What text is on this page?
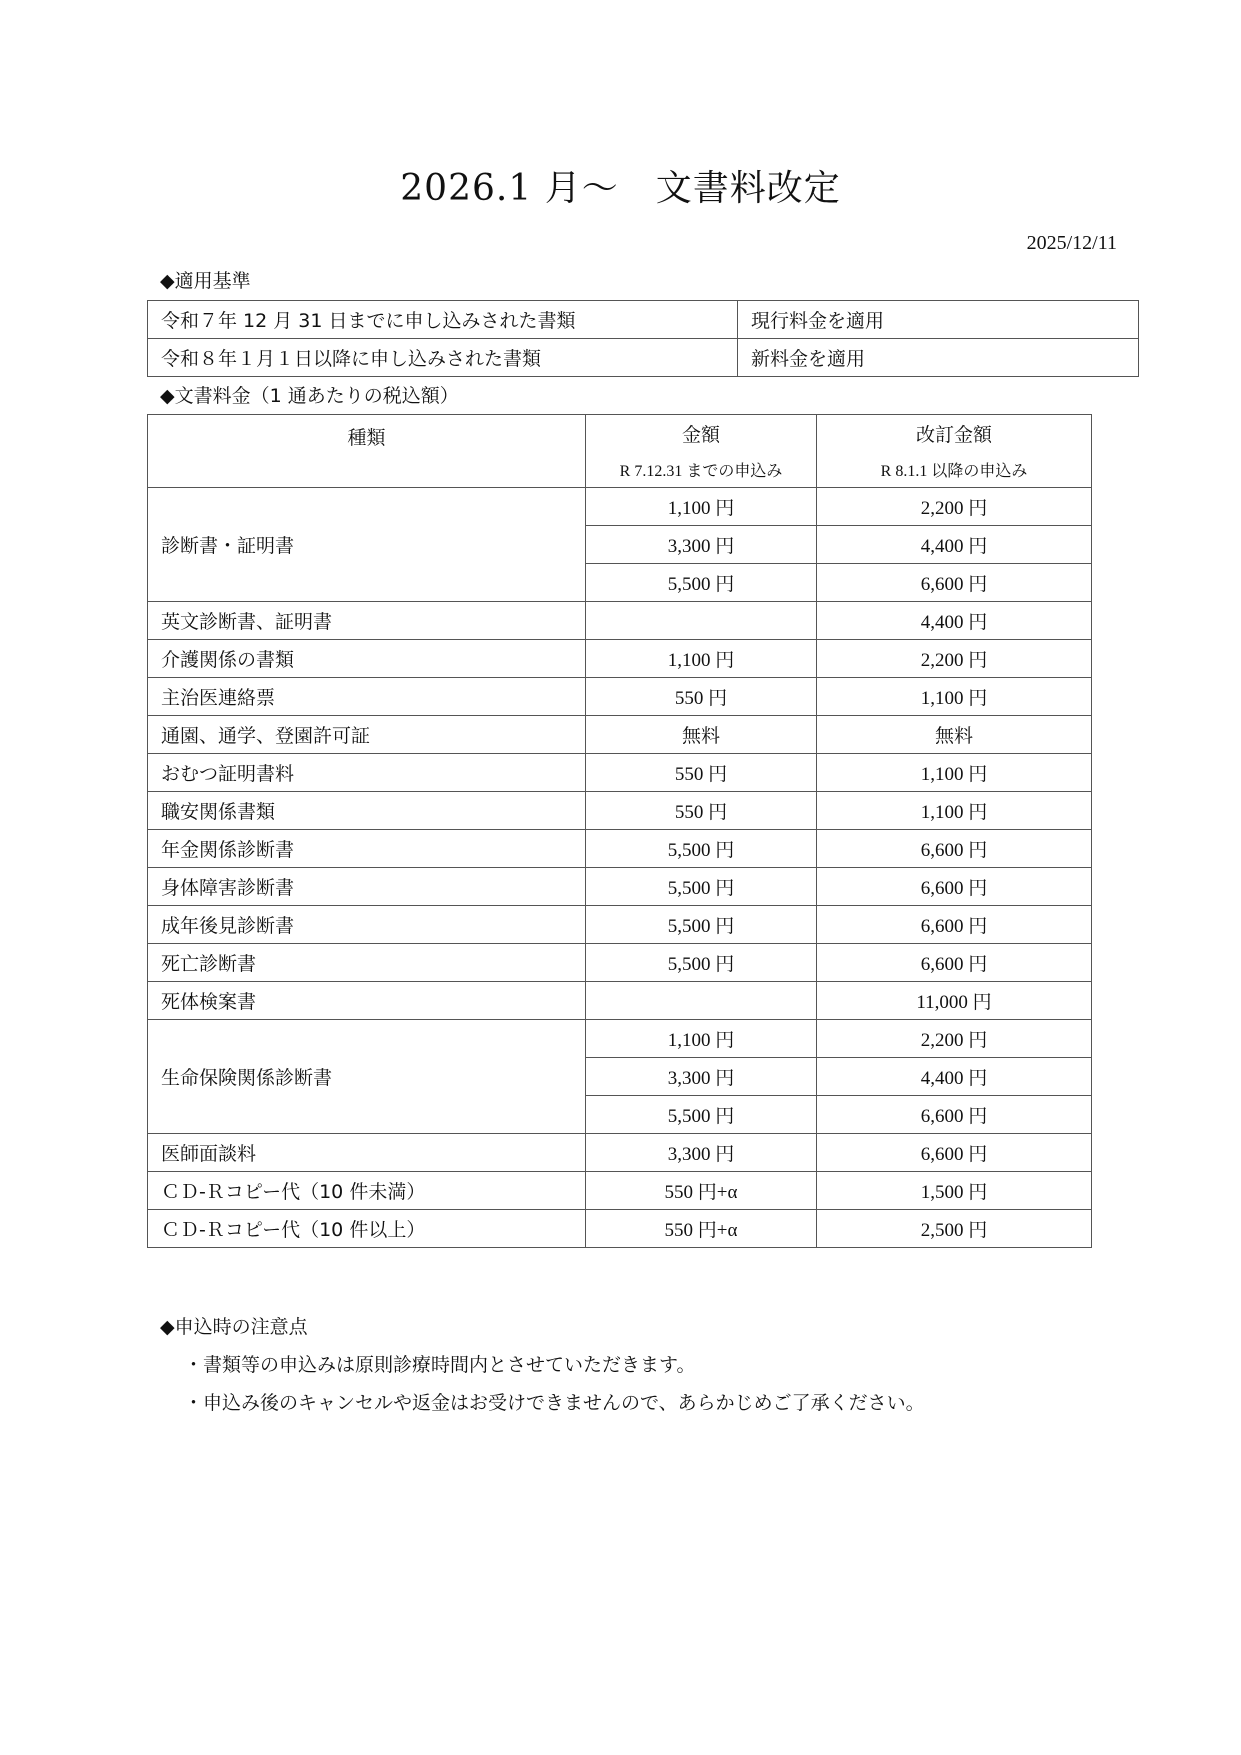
2026.1 月～　文書料改定
2025/12/11
◆適用基準
令和７年 12 月 31 日までに申し込みされた書類	現行料金を適用
令和８年１月１日以降に申し込みされた書類	新料金を適用
◆文書料金（1 通あたりの税込額）
種類	金額	改訂金額
	R 7.12.31 までの申込み	R 8.1.1 以降の申込み
診断書・証明書	1,100 円	2,200 円
	3,300 円	4,400 円
	5,500 円	6,600 円
英文診断書、証明書		4,400 円
介護関係の書類	1,100 円	2,200 円
主治医連絡票	550 円	1,100 円
通園、通学、登園許可証	無料	無料
おむつ証明書料	550 円	1,100 円
職安関係書類	550 円	1,100 円
年金関係診断書	5,500 円	6,600 円
身体障害診断書	5,500 円	6,600 円
成年後見診断書	5,500 円	6,600 円
死亡診断書	5,500 円	6,600 円
死体検案書		11,000 円
生命保険関係診断書	1,100 円	2,200 円
	3,300 円	4,400 円
	5,500 円	6,600 円
医師面談料	3,300 円	6,600 円
ＣＤ-Ｒコピー代（10 件未満）	550 円+α	1,500 円
ＣＤ-Ｒコピー代（10 件以上）	550 円+α	2,500 円
◆申込時の注意点
・書類等の申込みは原則診療時間内とさせていただきます。
・申込み後のキャンセルや返金はお受けできませんので、あらかじめご了承ください。
